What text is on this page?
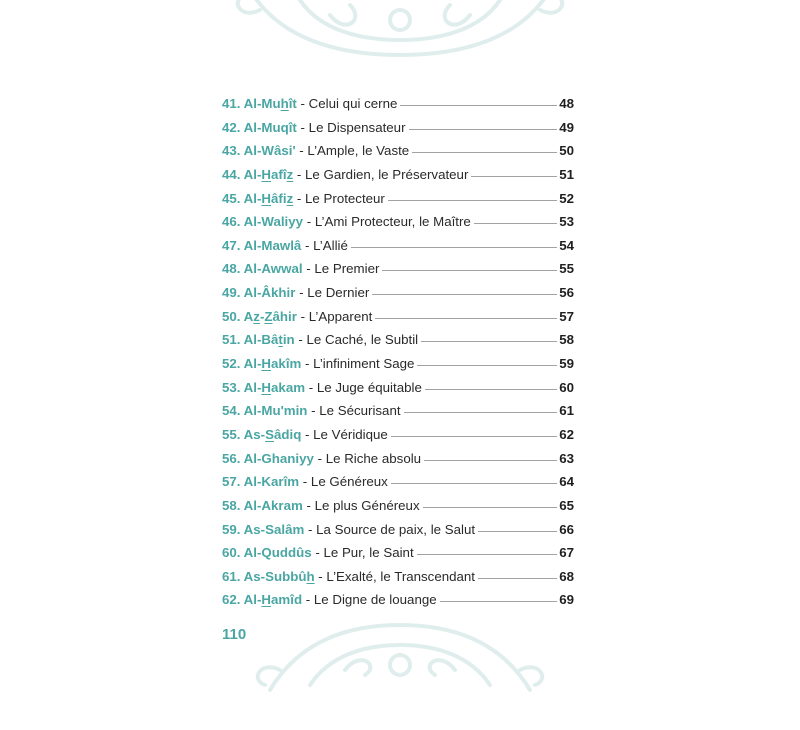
41. Al-Muhît - Celui qui cerne	48
42. Al-Muqît - Le Dispensateur	49
43. Al-Wâsi' - L’Ample, le Vaste	50
44. Al-Hafîz - Le Gardien, le Préservateur	51
45. Al-Hâfiz - Le Protecteur	52
46. Al-Waliyy - L’Ami Protecteur, le Maître	53
47. Al-Mawlâ - L’Allié	54
48. Al-Awwal - Le Premier	55
49. Al-Âkhir - Le Dernier	56
50. Az-Zâhir - L’Apparent	57
51. Al-Bâtin - Le Caché, le Subtil	58
52. Al-Hakîm - L’infiniment Sage	59
53. Al-Hakam - Le Juge équitable	60
54. Al-Mu'min - Le Sécurisant	61
55. As-Sâdiq - Le Véridique	62
56. Al-Ghaniyy - Le Riche absolu	63
57. Al-Karîm - Le Généreux	64
58. Al-Akram - Le plus Généreux	65
59. As-Salâm - La Source de paix, le Salut	66
60. Al-Quddûs - Le Pur, le Saint	67
61. As-Subbûh - L’Exalté, le Transcendant	68
62. Al-Hamîd - Le Digne de louange	69
110
